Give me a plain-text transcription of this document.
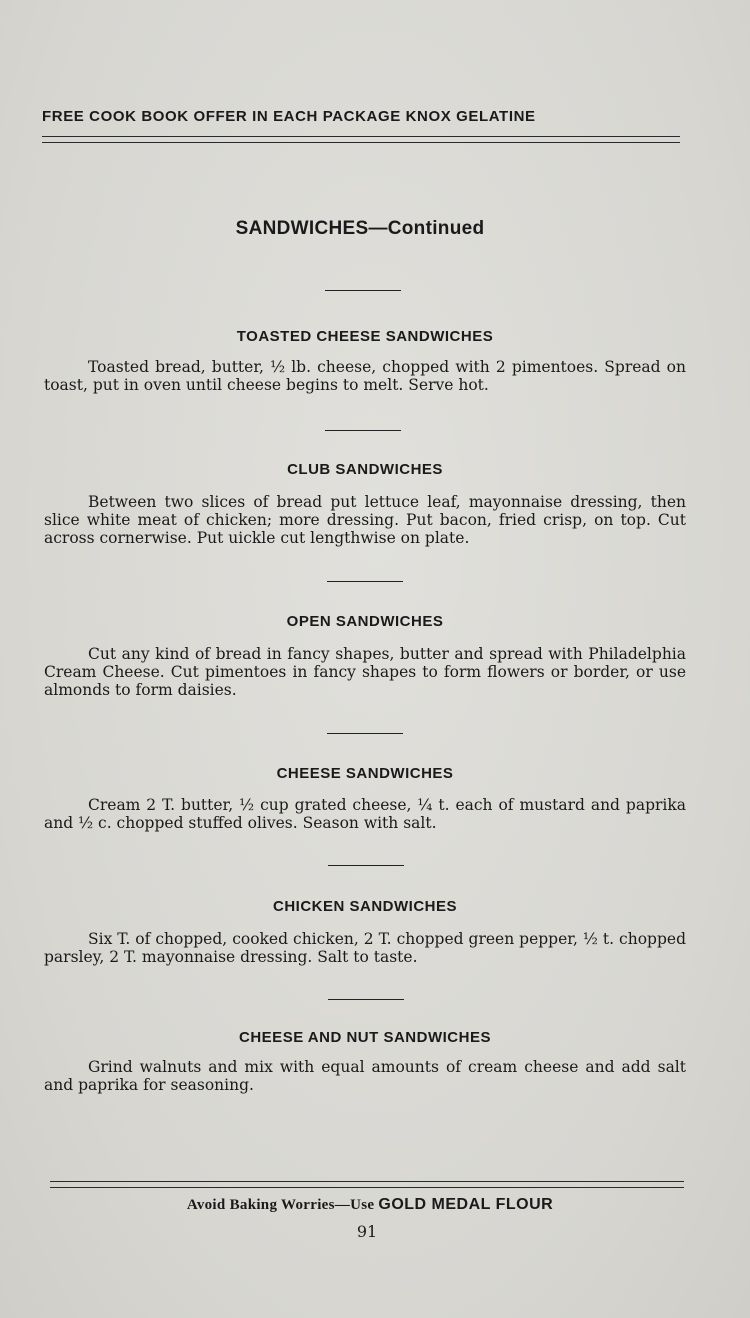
FREE COOK BOOK OFFER IN EACH PACKAGE KNOX GELATINE
SANDWICHES—Continued
TOASTED CHEESE SANDWICHES
Toasted bread, butter, ½ lb. cheese, chopped with 2 pimentoes. Spread on toast, put in oven until cheese begins to melt. Serve hot.
CLUB SANDWICHES
Between two slices of bread put lettuce leaf, mayonnaise dressing, then slice white meat of chicken; more dressing. Put bacon, fried crisp, on top. Cut across cornerwise. Put uickle cut lengthwise on plate.
OPEN SANDWICHES
Cut any kind of bread in fancy shapes, butter and spread with Philadelphia Cream Cheese. Cut pimentoes in fancy shapes to form flowers or border, or use almonds to form daisies.
CHEESE SANDWICHES
Cream 2 T. butter, ½ cup grated cheese, ¼ t. each of mustard and paprika and ½ c. chopped stuffed olives. Season with salt.
CHICKEN SANDWICHES
Six T. of chopped, cooked chicken, 2 T. chopped green pepper, ½ t. chopped parsley, 2 T. mayonnaise dressing. Salt to taste.
CHEESE AND NUT SANDWICHES
Grind walnuts and mix with equal amounts of cream cheese and add salt and paprika for seasoning.
Avoid Baking Worries—Use GOLD MEDAL FLOUR
91
